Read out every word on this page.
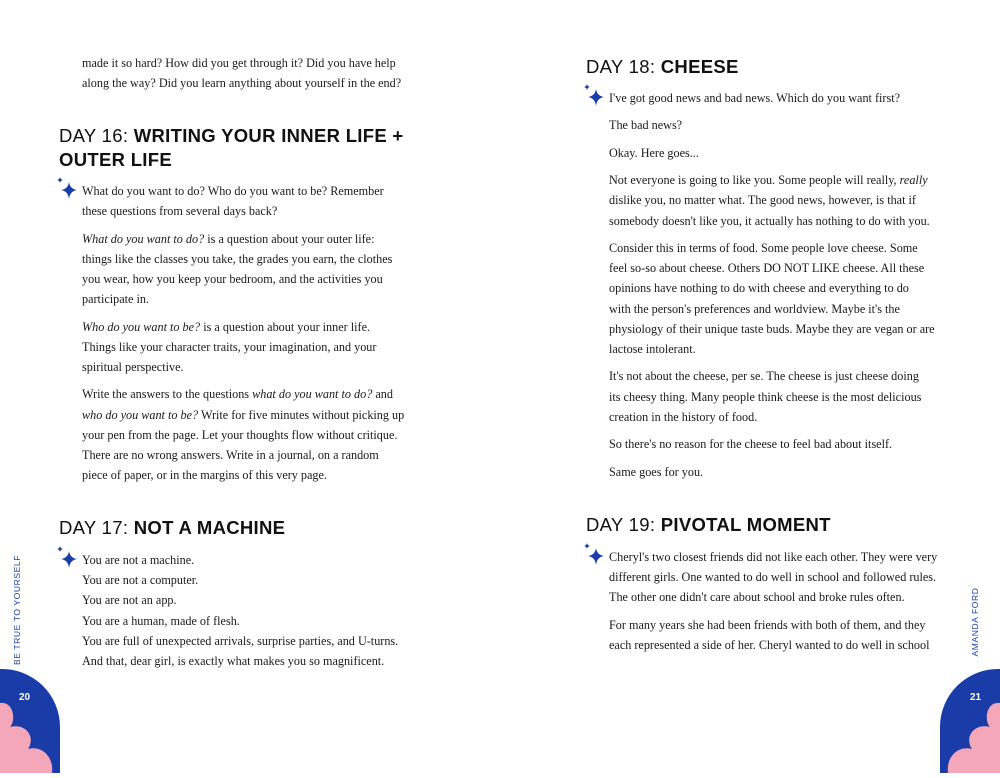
made it so hard? How did you get through it? Did you have help
along the way? Did you learn anything about yourself in the end?
DAY 16: WRITING YOUR INNER LIFE +
OUTER LIFE

What do you want to do? Who do you want to be? Remember
these questions from several days back?

What do you want to do? is a question about your outer life:
things like the classes you take, the grades you earn, the clothes
you wear, how you keep your bedroom, and the activities you
participate in.

Who do you want to be? is a question about your inner life.
Things like your character traits, your imagination, and your
spiritual perspective.

Write the answers to the questions what do you want to do? and
who do you want to be? Write for five minutes without picking up
your pen from the page. Let your thoughts flow without critique.
There are no wrong answers. Write in a journal, on a random
piece of paper, or in the margins of this very page.

DAY 17: NOT A MACHINE
You are not a machine.
You are not a computer.
You are not an app.
You are a human, made of flesh.
You are full of unexpected arrivals, surprise parties, and U-turns.
And that, dear girl, is exactly what makes you so magnificent.
BE TRUE TO YOURSELF
20
DAY 18: CHEESE

I've got good news and bad news. Which do you want first?

The bad news?

Okay. Here goes...

Not everyone is going to like you. Some people will really, really
dislike you, no matter what. The good news, however, is that if
somebody doesn't like you, it actually has nothing to do with you.

Consider this in terms of food. Some people love cheese. Some
feel so-so about cheese. Others DO NOT LIKE cheese. All these
opinions have nothing to do with cheese and everything to do
with the person's preferences and worldview. Maybe it's the
physiology of their unique taste buds. Maybe they are vegan or are
lactose intolerant.

It's not about the cheese, per se. The cheese is just cheese doing
its cheesy thing. Many people think cheese is the most delicious
creation in the history of food.

So there's no reason for the cheese to feel bad about itself.

Same goes for you.

DAY 19: PIVOTAL MOMENT

Cheryl's two closest friends did not like each other. They were very
different girls. One wanted to do well in school and followed rules.
The other one didn't care about school and broke rules often.

For many years she had been friends with both of them, and they
each represented a side of her. Cheryl wanted to do well in school	AMANDA FORD
21
